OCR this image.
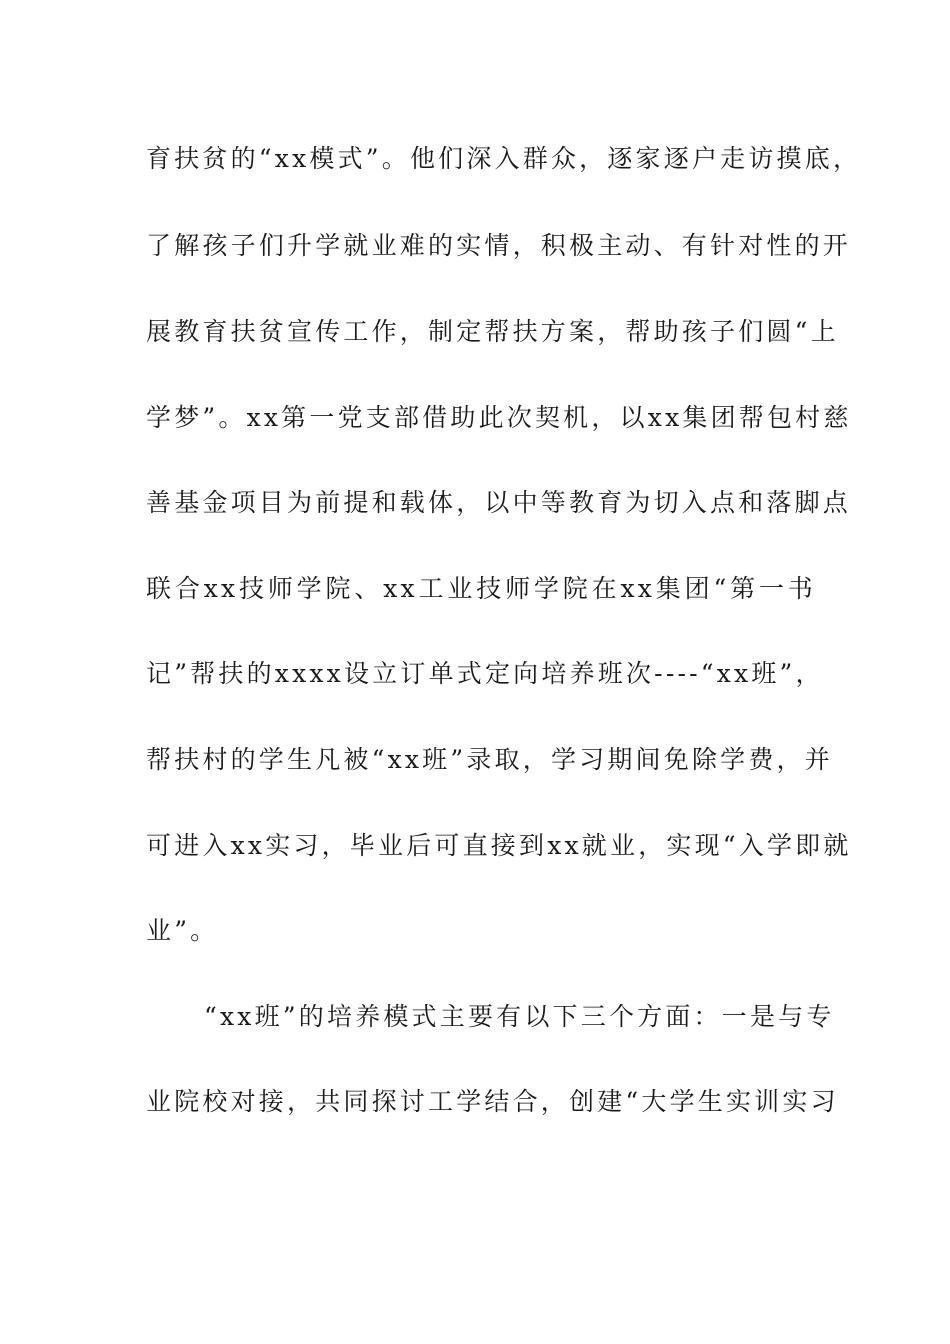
育扶贫的“xx模式”。他们深入群众，逐家逐户走访摸底，
了解孩子们升学就业难的实情，积极主动、有针对性的开
展教育扶贫宣传工作，制定帮扶方案，帮助孩子们圆“上
学梦”。xx第一党支部借助此次契机，以xx集团帮包村慈
善基金项目为前提和载体，以中等教育为切入点和落脚点
联合xx技师学院、xx工业技师学院在xx集团“第一书
记”帮扶的xxxx设立订单式定向培养班次----“xx班”，
帮扶村的学生凡被“xx班”录取，学习期间免除学费，并
可进入xx实习，毕业后可直接到xx就业，实现“入学即就
业”。
“xx班”的培养模式主要有以下三个方面：一是与专
业院校对接，共同探讨工学结合，创建“大学生实训实习
